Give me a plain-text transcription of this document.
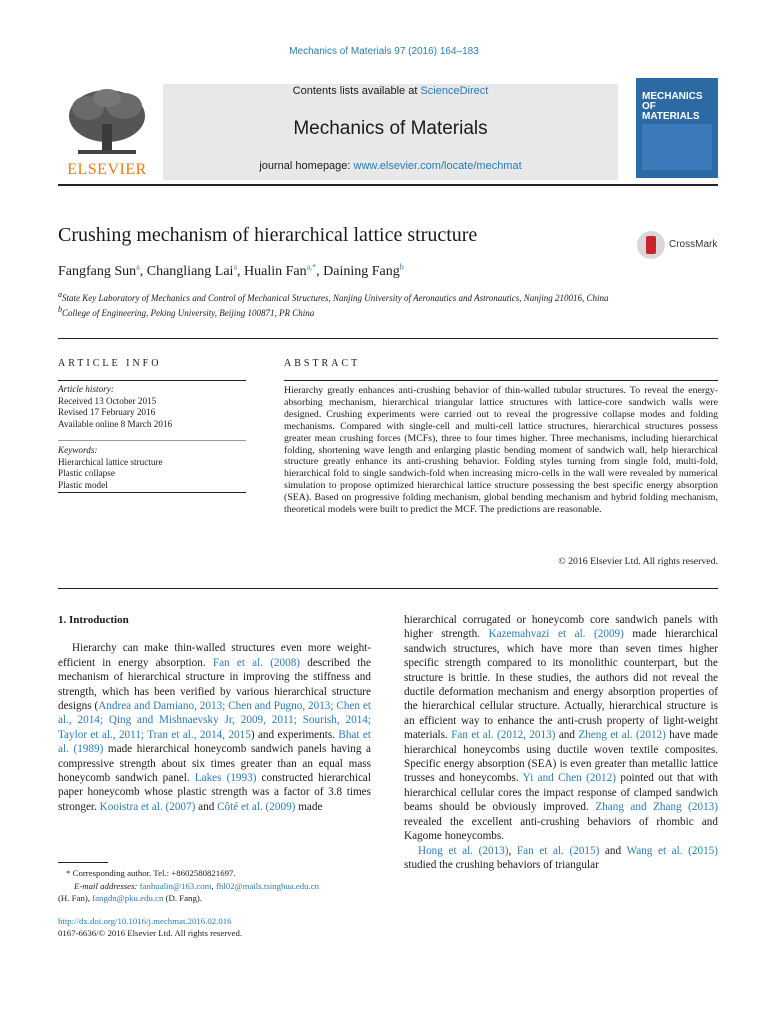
Mechanics of Materials 97 (2016) 164–183
ELSEVIER
Contents lists available at ScienceDirect
Mechanics of Materials
journal homepage: www.elsevier.com/locate/mechmat
MECHANICS
OF
MATERIALS
Crushing mechanism of hierarchical lattice structure	CrossMark
Fangfang Sun$^a$, Changliang Lai$^a$, Hualin Fan$^{a,*}$, Daining Fang$^b$
$^a$State Key Laboratory of Mechanics and Control of Mechanical Structures, Nanjing University of Aeronautics and Astronautics, Nanjing 210016, China
$^b$College of Engineering, Peking University, Beijing 100871, PR China
ARTICLE INFO	ABSTRACT
Article history:
Received 13 October 2015
Revised 17 February 2016
Available online 8 March 2016
Keywords:
Hierarchical lattice structure
Plastic collapse
Plastic model
Hierarchy greatly enhances anti-crushing behavior of thin-walled tubular structures. To reveal the energy-absorbing mechanism, hierarchical triangular lattice structures with lattice-core sandwich walls were designed. Crushing experiments were carried out to reveal the progressive collapse modes and folding mechanisms. Compared with single-cell and multi-cell lattice structures, hierarchical structures possess greater mean crushing forces (MCFs), three to four times higher. Three mechanisms, including hierarchical folding, shortening wave length and enlarging plastic bending moment of sandwich wall, help hierarchical structure greatly enhance its anti-crushing behavior. Folding styles turning from single fold, multi-fold, hierarchical fold to single sandwich-fold when increasing micro-cells in the wall were revealed by numerical simulation to propose optimized hierarchical lattice structure possessing the best specific energy absorption (SEA). Based on progressive folding mechanism, global bending mechanism and hybrid folding mechanism, theoretical models were built to predict the MCF. The predictions are reasonable.
© 2016 Elsevier Ltd. All rights reserved.
1. Introduction

Hierarchy can make thin-walled structures even more weight-efficient in energy absorption. Fan et al. (2008) described the mechanism of hierarchical structure in improving the stiffness and strength, which has been verified by various hierarchical structure designs (Andrea and Damiano, 2013; Chen and Pugno, 2013; Chen et al., 2014; Qing and Mishnaevsky Jr, 2009, 2011; Sourish, 2014; Taylor et al., 2011; Tran et al., 2014, 2015) and experiments. Bhat et al. (1989) made hierarchical honeycomb sandwich panels having a compressive strength about six times greater than an equal mass honeycomb sandwich panel. Lakes (1993) constructed hierarchical paper honeycomb whose plastic strength was a factor of 3.8 times stronger. Kooistra et al. (2007) and Côté et al. (2009) made

hierarchical corrugated or honeycomb core sandwich panels with higher strength. Kazemahvazi et al. (2009) made hierarchical sandwich structures, which have more than seven times higher specific strength compared to its monolithic counterpart, but the structure is brittle. In these studies, the authors did not reveal the ductile deformation mechanism and energy absorption properties of the hierarchical cellular structure. Actually, hierarchical structure is an efficient way to enhance the anti-crush property of light-weight materials. Fan et al. (2012, 2013) and Zheng et al. (2012) have made hierarchical honeycombs using ductile woven textile composites. Specific energy absorption (SEA) is even greater than metallic lattice trusses and honeycombs. Yi and Chen (2012) pointed out that with hierarchical cellular cores the impact response of clamped sandwich beams should be obviously improved. Zhang and Zhang (2013) revealed the excellent anti-crushing behaviors of rhombic and Kagome honeycombs.

Hong et al. (2013), Fan et al. (2015) and Wang et al. (2015) studied the crushing behaviors of triangular

* Corresponding author. Tel.: +8602580821697.
E-mail addresses: fanhualin@163.com, fhl02@mails.tsinghua.edu.cn
(H. Fan), fangdn@pku.edu.cn (D. Fang).
http://dx.doi.org/10.1016/j.mechmat.2016.02.016
0167-6636/© 2016 Elsevier Ltd. All rights reserved.
